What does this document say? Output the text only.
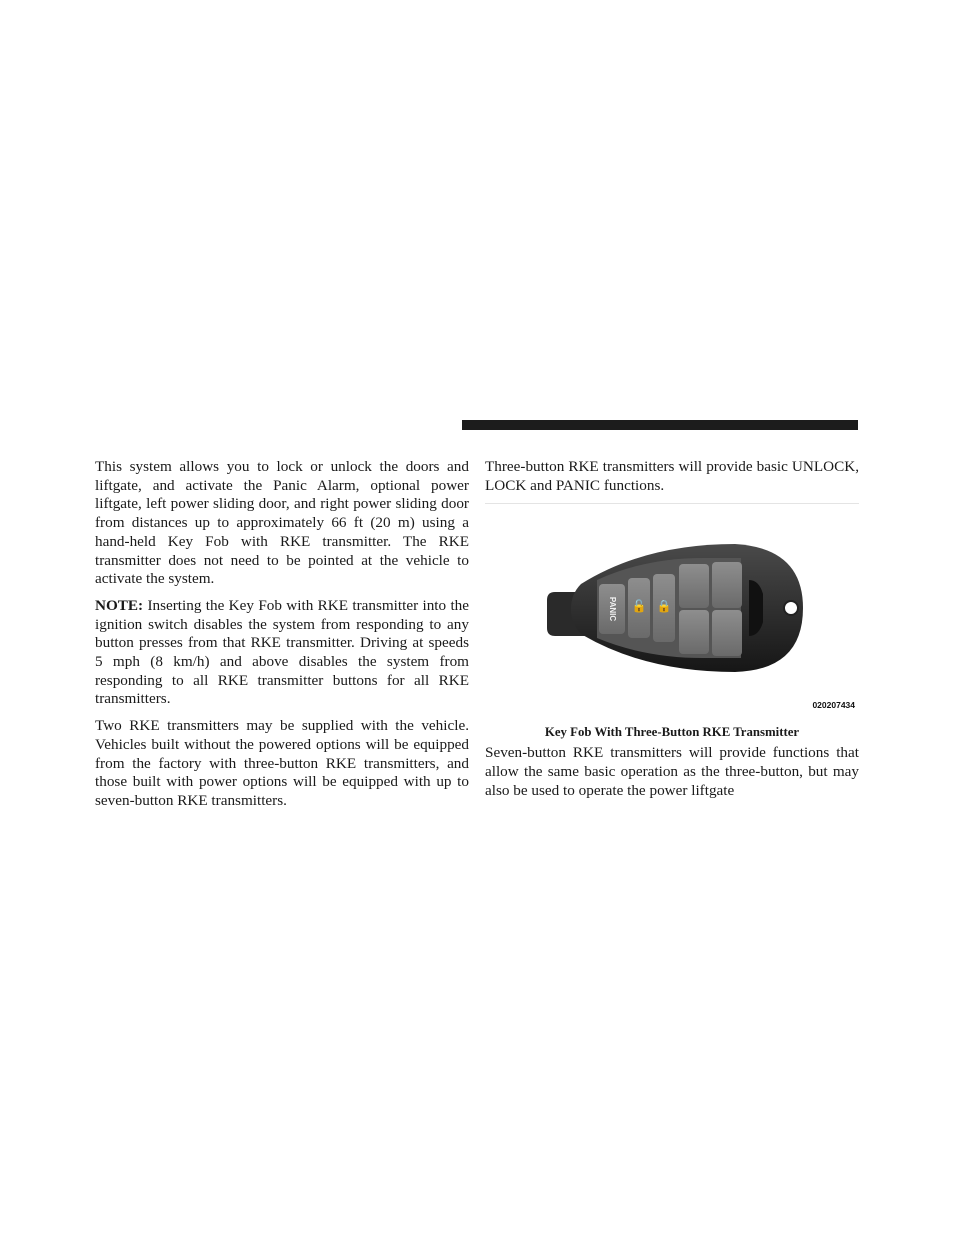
This system allows you to lock or unlock the doors and liftgate, and activate the Panic Alarm, optional power liftgate, left power sliding door, and right power sliding door from distances up to approximately 66 ft (20 m) using a hand-held Key Fob with RKE transmitter. The RKE transmitter does not need to be pointed at the vehicle to activate the system.

NOTE: Inserting the Key Fob with RKE transmitter into the ignition switch disables the system from responding to any button presses from that RKE transmitter. Driving at speeds 5 mph (8 km/h) and above disables the system from responding to all RKE transmitter buttons for all RKE transmitters.

Two RKE transmitters may be supplied with the vehicle. Vehicles built without the powered options will be equipped from the factory with three-button RKE transmitters, and those built with power options will be equipped with up to seven-button RKE transmitters.

Three-button RKE transmitters will provide basic UNLOCK, LOCK and PANIC functions.

PANIC 🔓 🔒
020207434
Key Fob With Three-Button RKE Transmitter

Seven-button RKE transmitters will provide functions that allow the same basic operation as the three-button, but may also be used to operate the power liftgate
